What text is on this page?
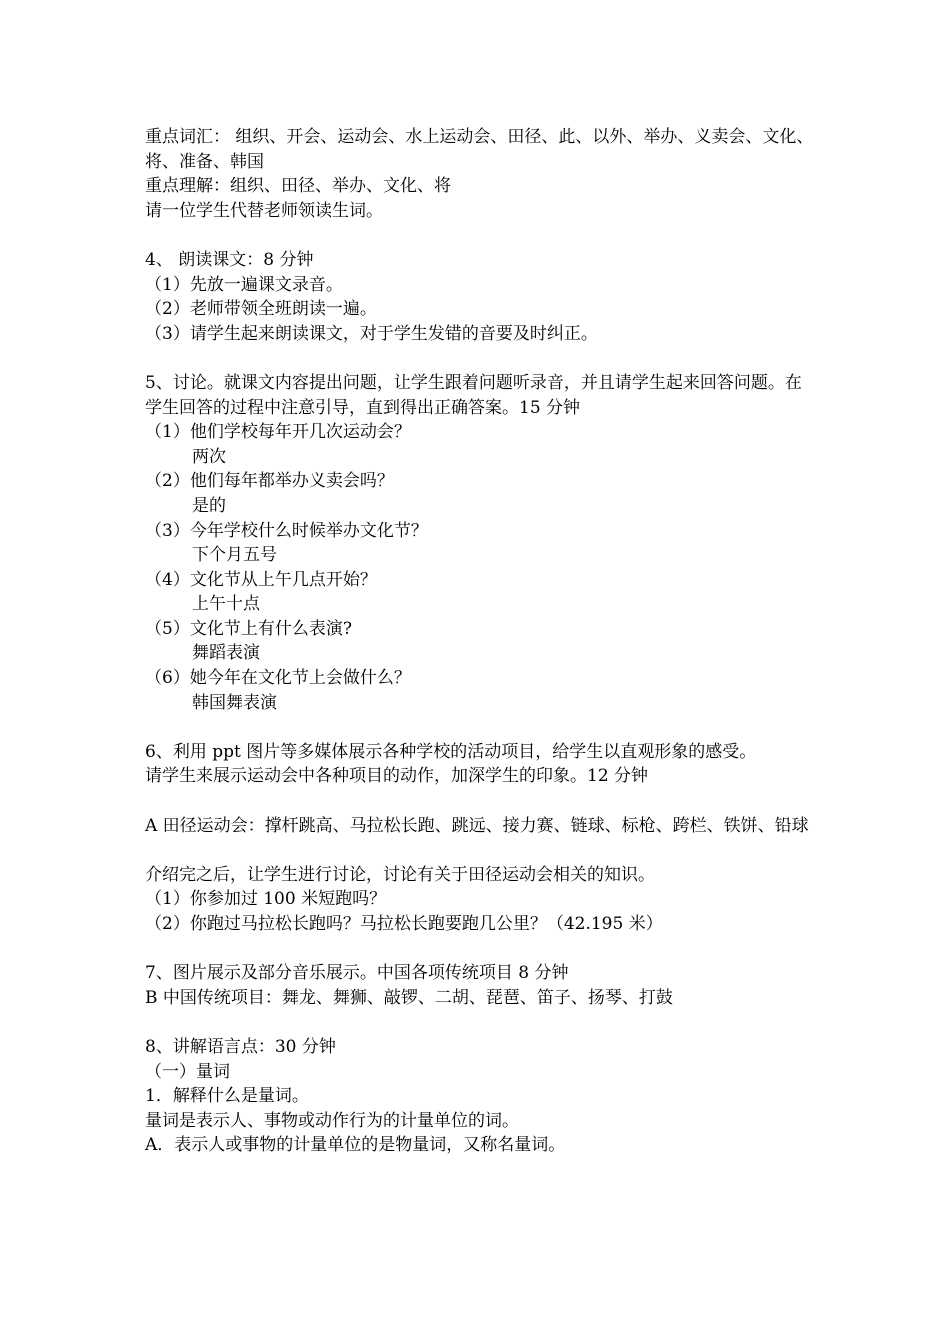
重点词汇： 组织、开会、运动会、水上运动会、田径、此、以外、举办、义卖会、文化、将、准备、韩国
重点理解：组织、田径、举办、文化、将
请一位学生代替老师领读生词。
4、 朗读课文：8 分钟
（1）先放一遍课文录音。
（2）老师带领全班朗读一遍。
（3）请学生起来朗读课文，对于学生发错的音要及时纠正。
5、讨论。就课文内容提出问题，让学生跟着问题听录音，并且请学生起来回答问题。在学生回答的过程中注意引导，直到得出正确答案。15 分钟
（1）他们学校每年开几次运动会？
两次
（2）他们每年都举办义卖会吗？
是的
（3）今年学校什么时候举办文化节？
下个月五号
（4）文化节从上午几点开始？
上午十点
（5）文化节上有什么表演?
舞蹈表演
（6）她今年在文化节上会做什么？
韩国舞表演
6、利用 ppt 图片等多媒体展示各种学校的活动项目，给学生以直观形象的感受。
请学生来展示运动会中各种项目的动作，加深学生的印象。12 分钟
A 田径运动会：撑杆跳高、马拉松长跑、跳远、接力赛、链球、标枪、跨栏、铁饼、铅球
介绍完之后，让学生进行讨论，讨论有关于田径运动会相关的知识。
（1）你参加过 100 米短跑吗？
（2）你跑过马拉松长跑吗？马拉松长跑要跑几公里？（42.195 米）
7、图片展示及部分音乐展示。中国各项传统项目 8 分钟
B 中国传统项目：舞龙、舞狮、敲锣、二胡、琵琶、笛子、扬琴、打鼓
8、讲解语言点：30 分钟
（一）量词
1．解释什么是量词。
量词是表示人、事物或动作行为的计量单位的词。
A．表示人或事物的计量单位的是物量词，又称名量词。
